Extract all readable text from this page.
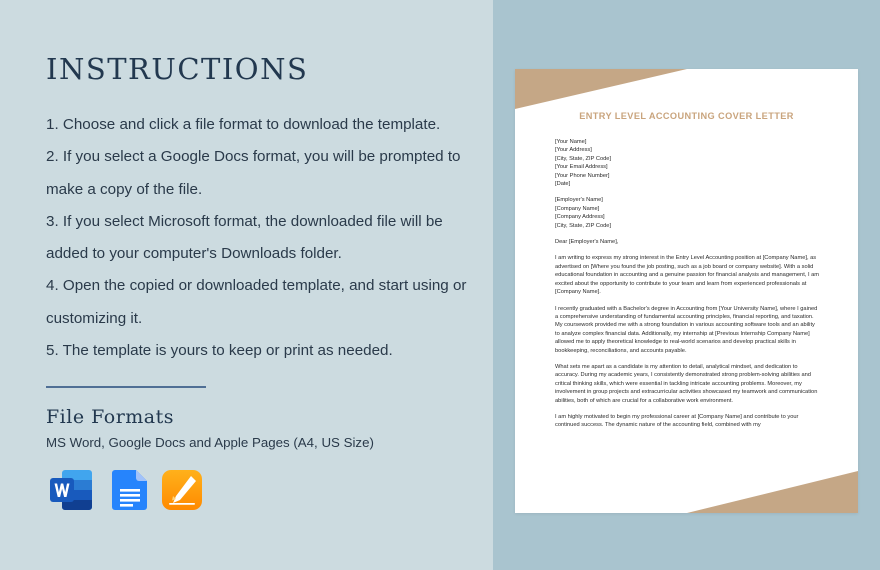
INSTRUCTIONS
1. Choose and click a file format to download the template.
2. If you select a Google Docs format, you will be prompted to make a copy of the file.
3. If you select Microsoft format, the downloaded file will be added to your computer's Downloads folder.
4. Open the copied or downloaded template, and start using or customizing it.
5. The template is yours to keep or print as needed.
File Formats
MS Word, Google Docs and Apple Pages (A4, US Size)
ENTRY LEVEL ACCOUNTING COVER LETTER

[Your Name]
[Your Address]
[City, State, ZIP Code]
[Your Email Address]
[Your Phone Number]
[Date]

[Employer's Name]
[Company Name]
[Company Address]
[City, State, ZIP Code]

Dear [Employer's Name],

I am writing to express my strong interest in the Entry Level Accounting position at [Company Name], as advertised on [Where you found the job posting, such as a job board or company website]. With a solid educational foundation in accounting and a genuine passion for financial analysis and management, I am excited about the opportunity to contribute to your team and learn from experienced professionals at [Company Name].

I recently graduated with a Bachelor's degree in Accounting from [Your University Name], where I gained a comprehensive understanding of fundamental accounting principles, financial reporting, and taxation. My coursework provided me with a strong foundation in various accounting software tools and an ability to analyze complex financial data. Additionally, my internship at [Previous Internship Company Name] allowed me to apply theoretical knowledge to real-world scenarios and develop practical skills in bookkeeping, reconciliations, and accounts payable.

What sets me apart as a candidate is my attention to detail, analytical mindset, and dedication to accuracy. During my academic years, I consistently demonstrated strong problem-solving abilities and critical thinking skills, which were essential in tackling intricate accounting problems. Moreover, my involvement in group projects and extracurricular activities showcased my teamwork and communication abilities, both of which are crucial for a collaborative work environment.

I am highly motivated to begin my professional career at [Company Name] and contribute to your continued success. The dynamic nature of the accounting field, combined with my
